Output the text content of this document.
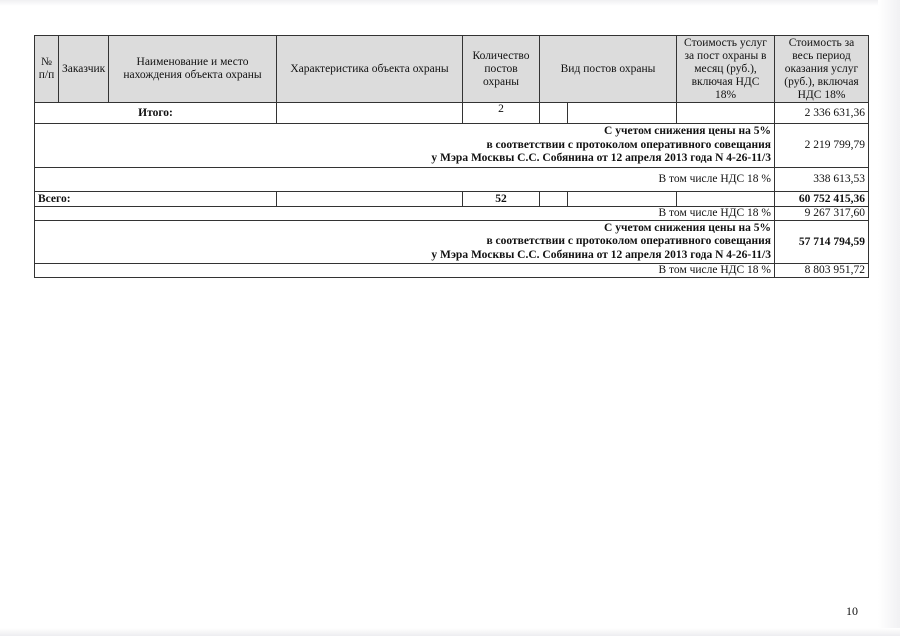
№ п/п	Заказчик	Наименование и место нахождения объекта охраны	Характеристика объекта охраны	Количество постов охраны	Вид постов охраны		Стоимость услуг за пост охраны в месяц (руб.), включая НДС 18%	Стоимость за весь период оказания услуг (руб.), включая НДС 18%
Итого:				2				2 336 631,36

С учетом снижения цены на 5%
в соответствии с протоколом оперативного совещания
у Мэра Москвы С.С. Собянина от 12 апреля 2013 года N 4-26-11/3								2 219 799,79
В том числе НДС 18 %								338 613,53
Всего:				52				60 752 415,36
В том числе НДС 18 %								9 267 317,60

С учетом снижения цены на 5%
в соответствии с протоколом оперативного совещания
у Мэра Москвы С.С. Собянина от 12 апреля 2013 года N 4-26-11/3								57 714 794,59
В том числе НДС 18 %								8 803 951,72
10
